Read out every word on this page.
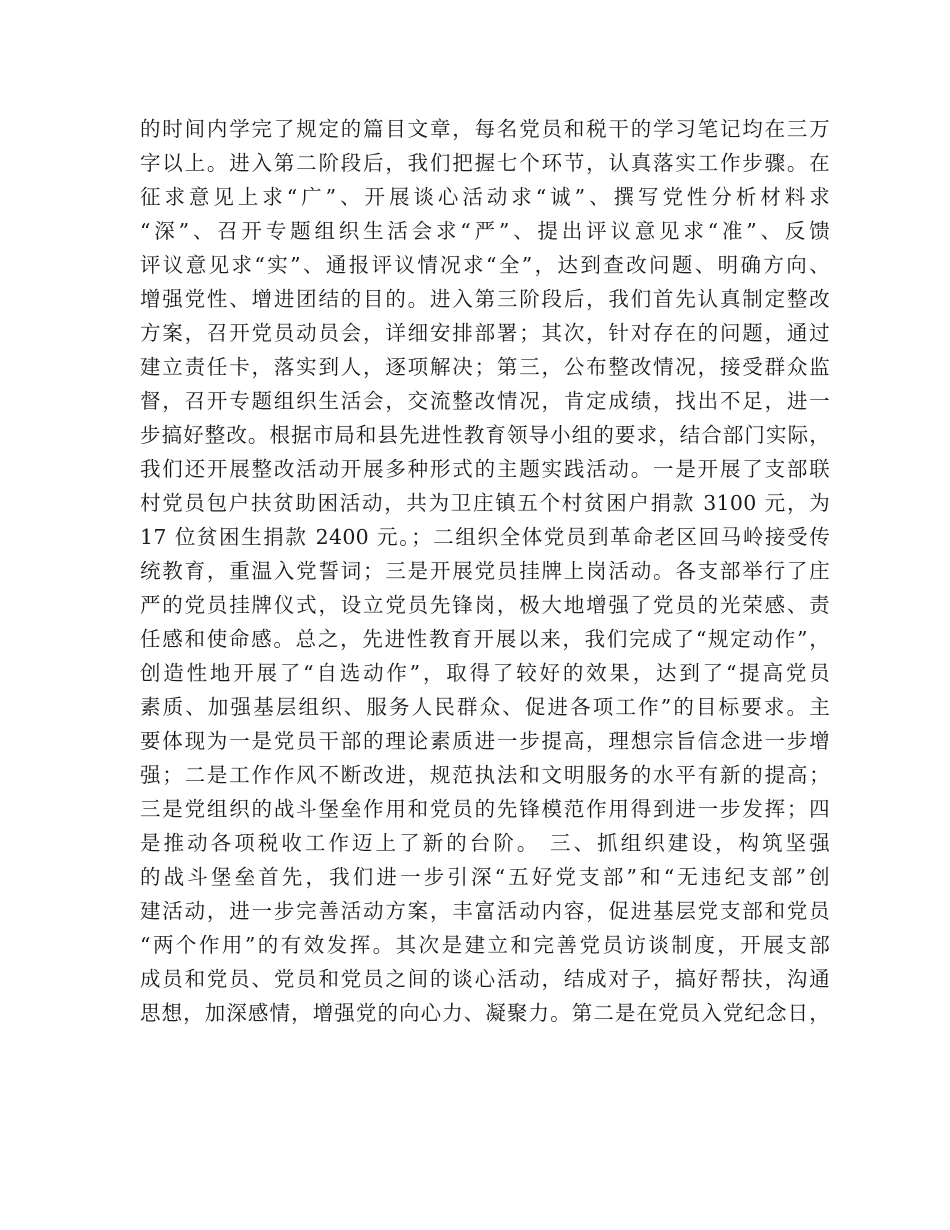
的时间内学完了规定的篇目文章，每名党员和税干的学习笔记均在三万
字以上。进入第二阶段后，我们把握七个环节，认真落实工作步骤。在
征求意见上求“广”、开展谈心活动求“诚”、撰写党性分析材料求
“深”、召开专题组织生活会求“严”、提出评议意见求“准”、反馈
评议意见求“实”、通报评议情况求“全”，达到查改问题、明确方向、
增强党性、增进团结的目的。进入第三阶段后，我们首先认真制定整改
方案，召开党员动员会，详细安排部署；其次，针对存在的问题，通过
建立责任卡，落实到人，逐项解决；第三，公布整改情况，接受群众监
督，召开专题组织生活会，交流整改情况，肯定成绩，找出不足，进一
步搞好整改。根据市局和县先进性教育领导小组的要求，结合部门实际，
我们还开展整改活动开展多种形式的主题实践活动。一是开展了支部联
村党员包户扶贫助困活动，共为卫庄镇五个村贫困户捐款 3100 元，为
17 位贫困生捐款 2400 元。；二组织全体党员到革命老区回马岭接受传
统教育，重温入党誓词；三是开展党员挂牌上岗活动。各支部举行了庄
严的党员挂牌仪式，设立党员先锋岗，极大地增强了党员的光荣感、责
任感和使命感。总之，先进性教育开展以来，我们完成了“规定动作”，
创造性地开展了“自选动作”，取得了较好的效果，达到了“提高党员
素质、加强基层组织、服务人民群众、促进各项工作”的目标要求。主
要体现为一是党员干部的理论素质进一步提高，理想宗旨信念进一步增
强；二是工作作风不断改进，规范执法和文明服务的水平有新的提高；
三是党组织的战斗堡垒作用和党员的先锋模范作用得到进一步发挥；四
是推动各项税收工作迈上了新的台阶。 三、抓组织建设，构筑坚强
的战斗堡垒首先，我们进一步引深“五好党支部”和“无违纪支部”创
建活动，进一步完善活动方案，丰富活动内容，促进基层党支部和党员
“两个作用”的有效发挥。其次是建立和完善党员访谈制度，开展支部
成员和党员、党员和党员之间的谈心活动，结成对子，搞好帮扶，沟通
思想，加深感情，增强党的向心力、凝聚力。第二是在党员入党纪念日，
